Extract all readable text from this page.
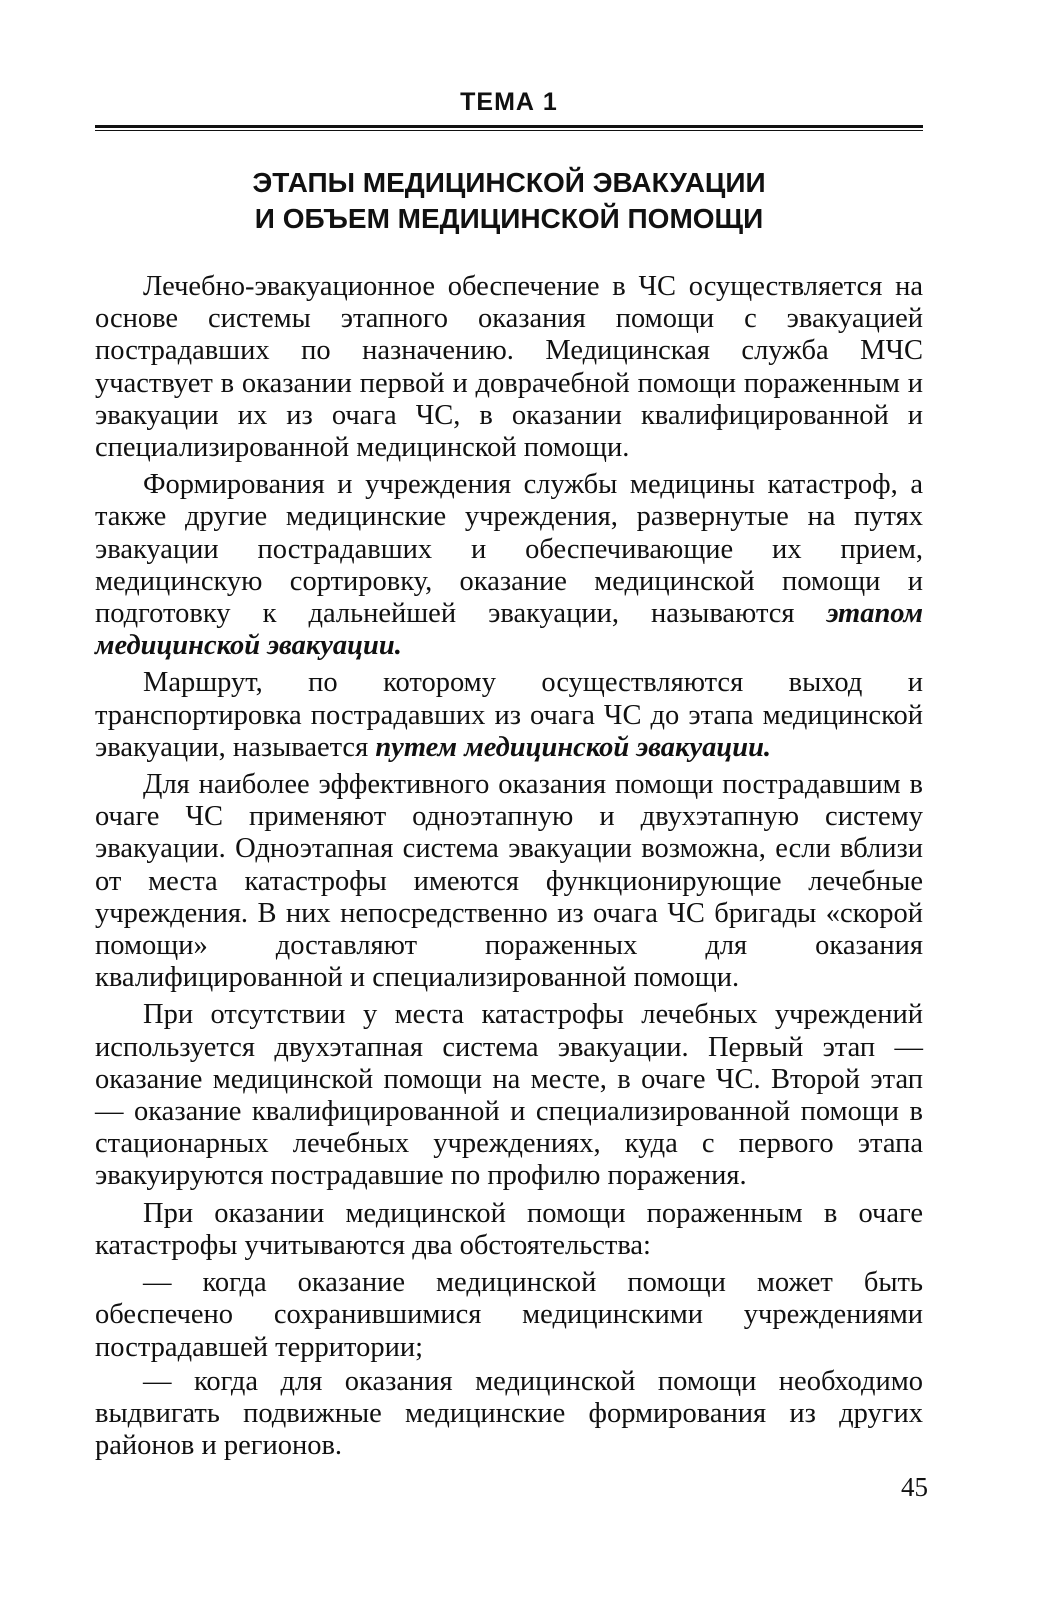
ТЕМА 1
ЭТАПЫ МЕДИЦИНСКОЙ ЭВАКУАЦИИ
И ОБЪЕМ МЕДИЦИНСКОЙ ПОМОЩИ

Лечебно-эвакуационное обеспечение в ЧС осуществляется на основе системы этапного оказания помощи с эвакуацией пострадавших по назначению. Медицинская служба МЧС участвует в оказании первой и доврачебной помощи пораженным и эвакуации их из очага ЧС, в оказании квалифицированной и специализированной медицинской помощи.

Формирования и учреждения службы медицины катастроф, а также другие медицинские учреждения, развернутые на путях эвакуации пострадавших и обеспечивающие их прием, медицинскую сортировку, оказание медицинской помощи и подготовку к дальнейшей эвакуации, называются этапом медицинской эвакуации.

Маршрут, по которому осуществляются выход и транспортировка пострадавших из очага ЧС до этапа медицинской эвакуации, называется путем медицинской эвакуации.

Для наиболее эффективного оказания помощи пострадавшим в очаге ЧС применяют одноэтапную и двухэтапную систему эвакуации. Одноэтапная система эвакуации возможна, если вблизи от места катастрофы имеются функционирующие лечебные учреждения. В них непосредственно из очага ЧС бригады «скорой помощи» доставляют пораженных для оказания квалифицированной и специализированной помощи.

При отсутствии у места катастрофы лечебных учреждений используется двухэтапная система эвакуации. Первый этап — оказание медицинской помощи на месте, в очаге ЧС. Второй этап — оказание квалифицированной и специализированной помощи в стационарных лечебных учреждениях, куда с первого этапа эвакуируются пострадавшие по профилю поражения.

При оказании медицинской помощи пораженным в очаге катастрофы учитываются два обстоятельства:

— когда оказание медицинской помощи может быть обеспечено сохранившимися медицинскими учреждениями пострадавшей территории;

— когда для оказания медицинской помощи необходимо выдвигать подвижные медицинские формирования из других районов и регионов.

45
